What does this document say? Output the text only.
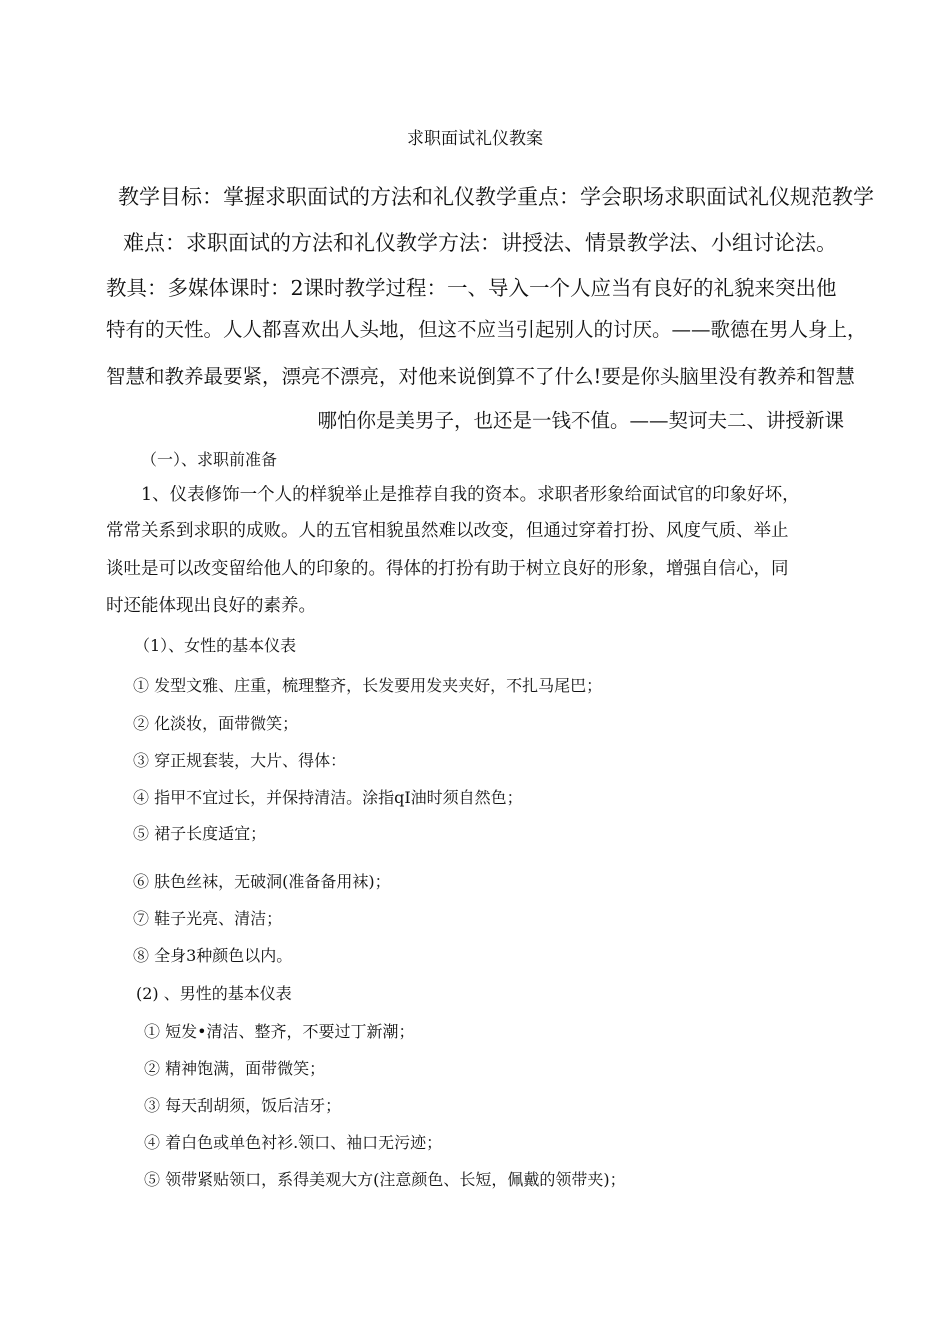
求职面试礼仪教案
教学目标：掌握求职面试的方法和礼仪教学重点：学会职场求职面试礼仪规范教学
难点：求职面试的方法和礼仪教学方法：讲授法、情景教学法、小组讨论法。
教具：多媒体课时：2课时教学过程：一、导入一个人应当有良好的礼貌来突出他
特有的天性。人人都喜欢出人头地，但这不应当引起别人的讨厌。——歌德在男人身上，
智慧和教养最要紧，漂亮不漂亮，对他来说倒算不了什么!要是你头脑里没有教养和智慧
哪怕你是美男子，也还是一钱不值。——契诃夫二、讲授新课
（一）、求职前准备
1、仪表修饰一个人的样貌举止是推荐自我的资本。求职者形象给面试官的印象好坏，
常常关系到求职的成败。人的五官相貌虽然难以改变，但通过穿着打扮、风度气质、举止
谈吐是可以改变留给他人的印象的。得体的打扮有助于树立良好的形象，增强自信心，同
时还能体现出良好的素养。
（1）、女性的基本仪表
① 发型文雅、庄重，梳理整齐，长发要用发夹夹好，不扎马尾巴；
② 化淡妆，面带微笑；
③ 穿正规套装，大片、得体：
④ 指甲不宜过长，并保持清洁。涂指qI油时须自然色；
⑤ 裙子长度适宜；
⑥ 肤色丝袜，无破洞(准备备用袜)；
⑦ 鞋子光亮、清洁；
⑧ 全身3种颜色以内。
(2) 、男性的基本仪表
① 短发•清洁、整齐，不要过丁新潮；
② 精神饱满，面带微笑；
③ 每天刮胡须，饭后洁牙；
④ 着白色或单色衬衫.领口、袖口无污迹；
⑤ 领带紧贴领口，系得美观大方(注意颜色、长短，佩戴的领带夹)；
